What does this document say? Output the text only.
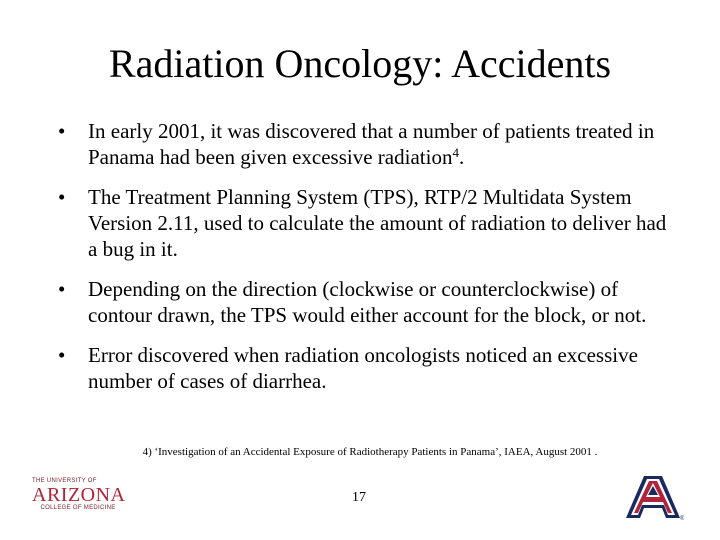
Radiation Oncology: Accidents
• In early 2001, it was discovered that a number of patients treated in Panama had been given excessive radiation$^4$.
• The Treatment Planning System (TPS), RTP/2 Multidata System Version 2.11, used to calculate the amount of radiation to deliver had a bug in it.
• Depending on the direction (clockwise or counterclockwise) of contour drawn, the TPS would either account for the block, or not.
• Error discovered when radiation oncologists noticed an excessive number of cases of diarrhea.
4) ‘Investigation of an Accidental Exposure of Radiotherapy Patients in Panama’, IAEA, August 2001 .
THE UNIVERSITY OF
ARIZONA
COLLEGE OF MEDICINE
17
®
